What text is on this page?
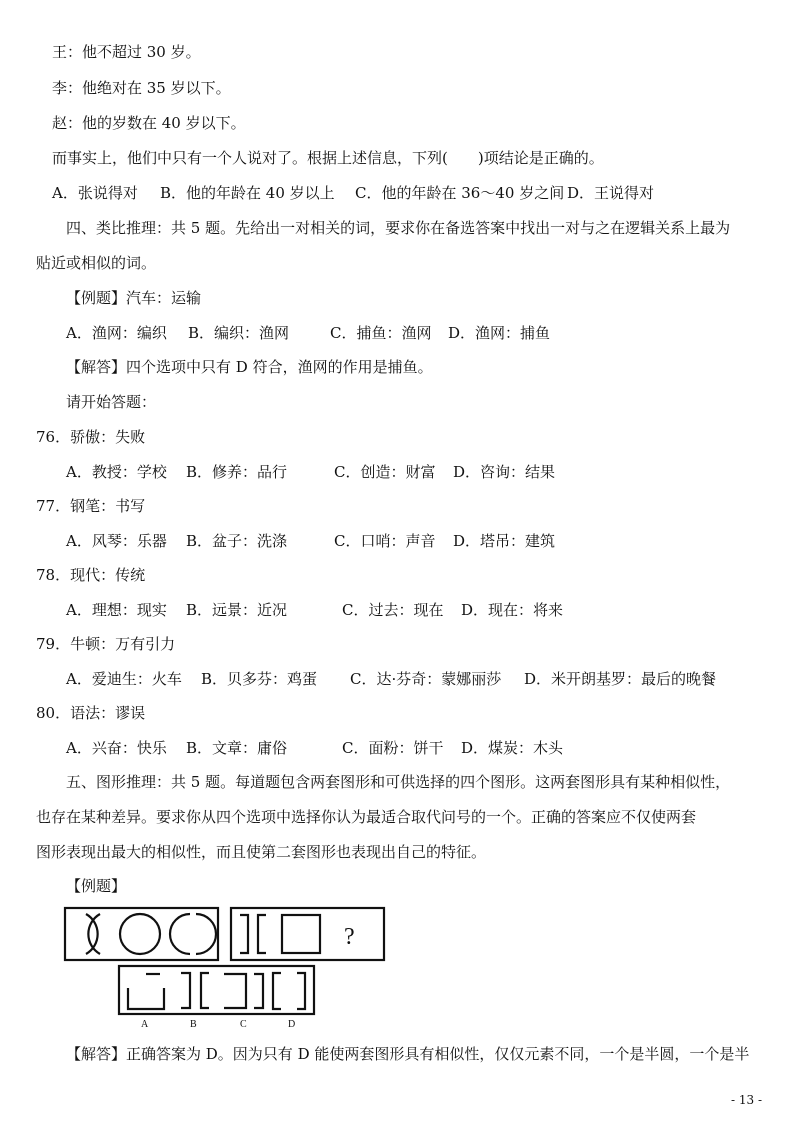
王：他不超过 30 岁。
李：他绝对在 35 岁以下。
赵：他的岁数在 40 岁以下。
而事实上，他们中只有一个人说对了。根据上述信息，下列(　　)项结论是正确的。
A．张说得对 B．他的年龄在 40 岁以上 C．他的年龄在 36～40 岁之间 D．王说得对
四、类比推理：共 5 题。先给出一对相关的词，要求你在备选答案中找出一对与之在逻辑关系上最为
贴近或相似的词。
【例题】汽车：运输
A．渔网：编织 B．编织：渔网	C．捕鱼：渔网 D．渔网：捕鱼
【解答】四个选项中只有 D 符合，渔网的作用是捕鱼。
请开始答题：
76．骄傲：失败
A．教授：学校 B．修养：品行	C．创造：财富 D．咨询：结果
77．钢笔：书写
A．风琴：乐器 B．盆子：洗涤	C．口哨：声音 D．塔吊：建筑
78．现代：传统
A．理想：现实 B．远景：近况	C．过去：现在 D．现在：将来
79．牛顿：万有引力
A．爱迪生：火车 B．贝多芬：鸡蛋 C．达·芬奇：蒙娜丽莎 D．米开朗基罗：最后的晚餐
80．语法：谬误
A．兴奋：快乐 B．文章：庸俗	C．面粉：饼干 D．煤炭：木头
五、图形推理：共 5 题。每道题包含两套图形和可供选择的四个图形。这两套图形具有某种相似性，
也存在某种差异。要求你从四个选项中选择你认为最适合取代问号的一个。正确的答案应不仅使两套
图形表现出最大的相似性，而且使第二套图形也表现出自己的特征。
【例题】
?
A	B	C	D
【解答】正确答案为 D。因为只有 D 能使两套图形具有相似性，仅仅元素不同，一个是半圆，一个是半
- 13 -
